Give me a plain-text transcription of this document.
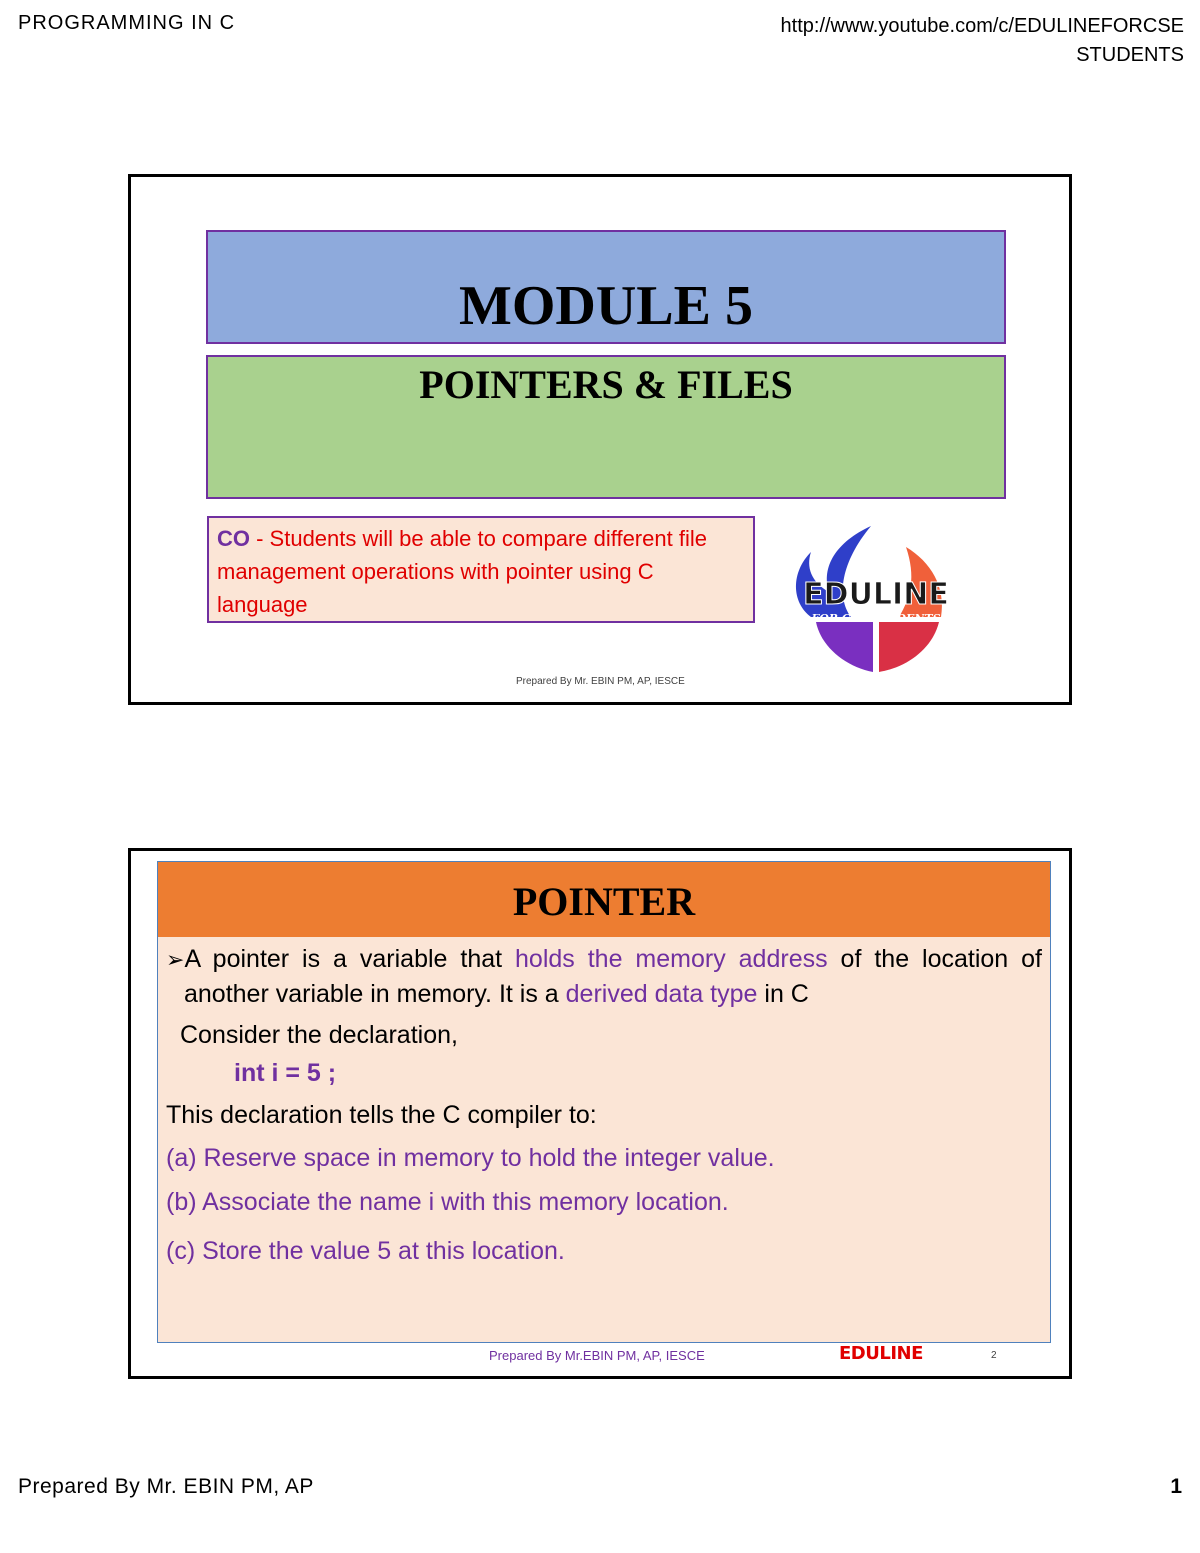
PROGRAMMING IN C	http://www.youtube.com/c/EDULINEFORCSE
STUDENTS
MODULE 5
POINTERS & FILES
CO - Students will be able to compare different file management operations with pointer using C language	EDULINE
FOR CSE STUDENTS
Prepared By Mr. EBIN PM, AP, IESCE
POINTER
➢A pointer is a variable that holds the memory address of the location of another variable in memory. It is a derived data type in C
Consider the declaration,
int i = 5 ;
This declaration tells the C compiler to:
(a) Reserve space in memory to hold the integer value.
(b) Associate the name i with this memory location.
(c) Store the value 5 at this location.
Prepared By Mr.EBIN PM, AP, IESCE	EDULINE	2
Prepared By Mr. EBIN PM, AP	1
